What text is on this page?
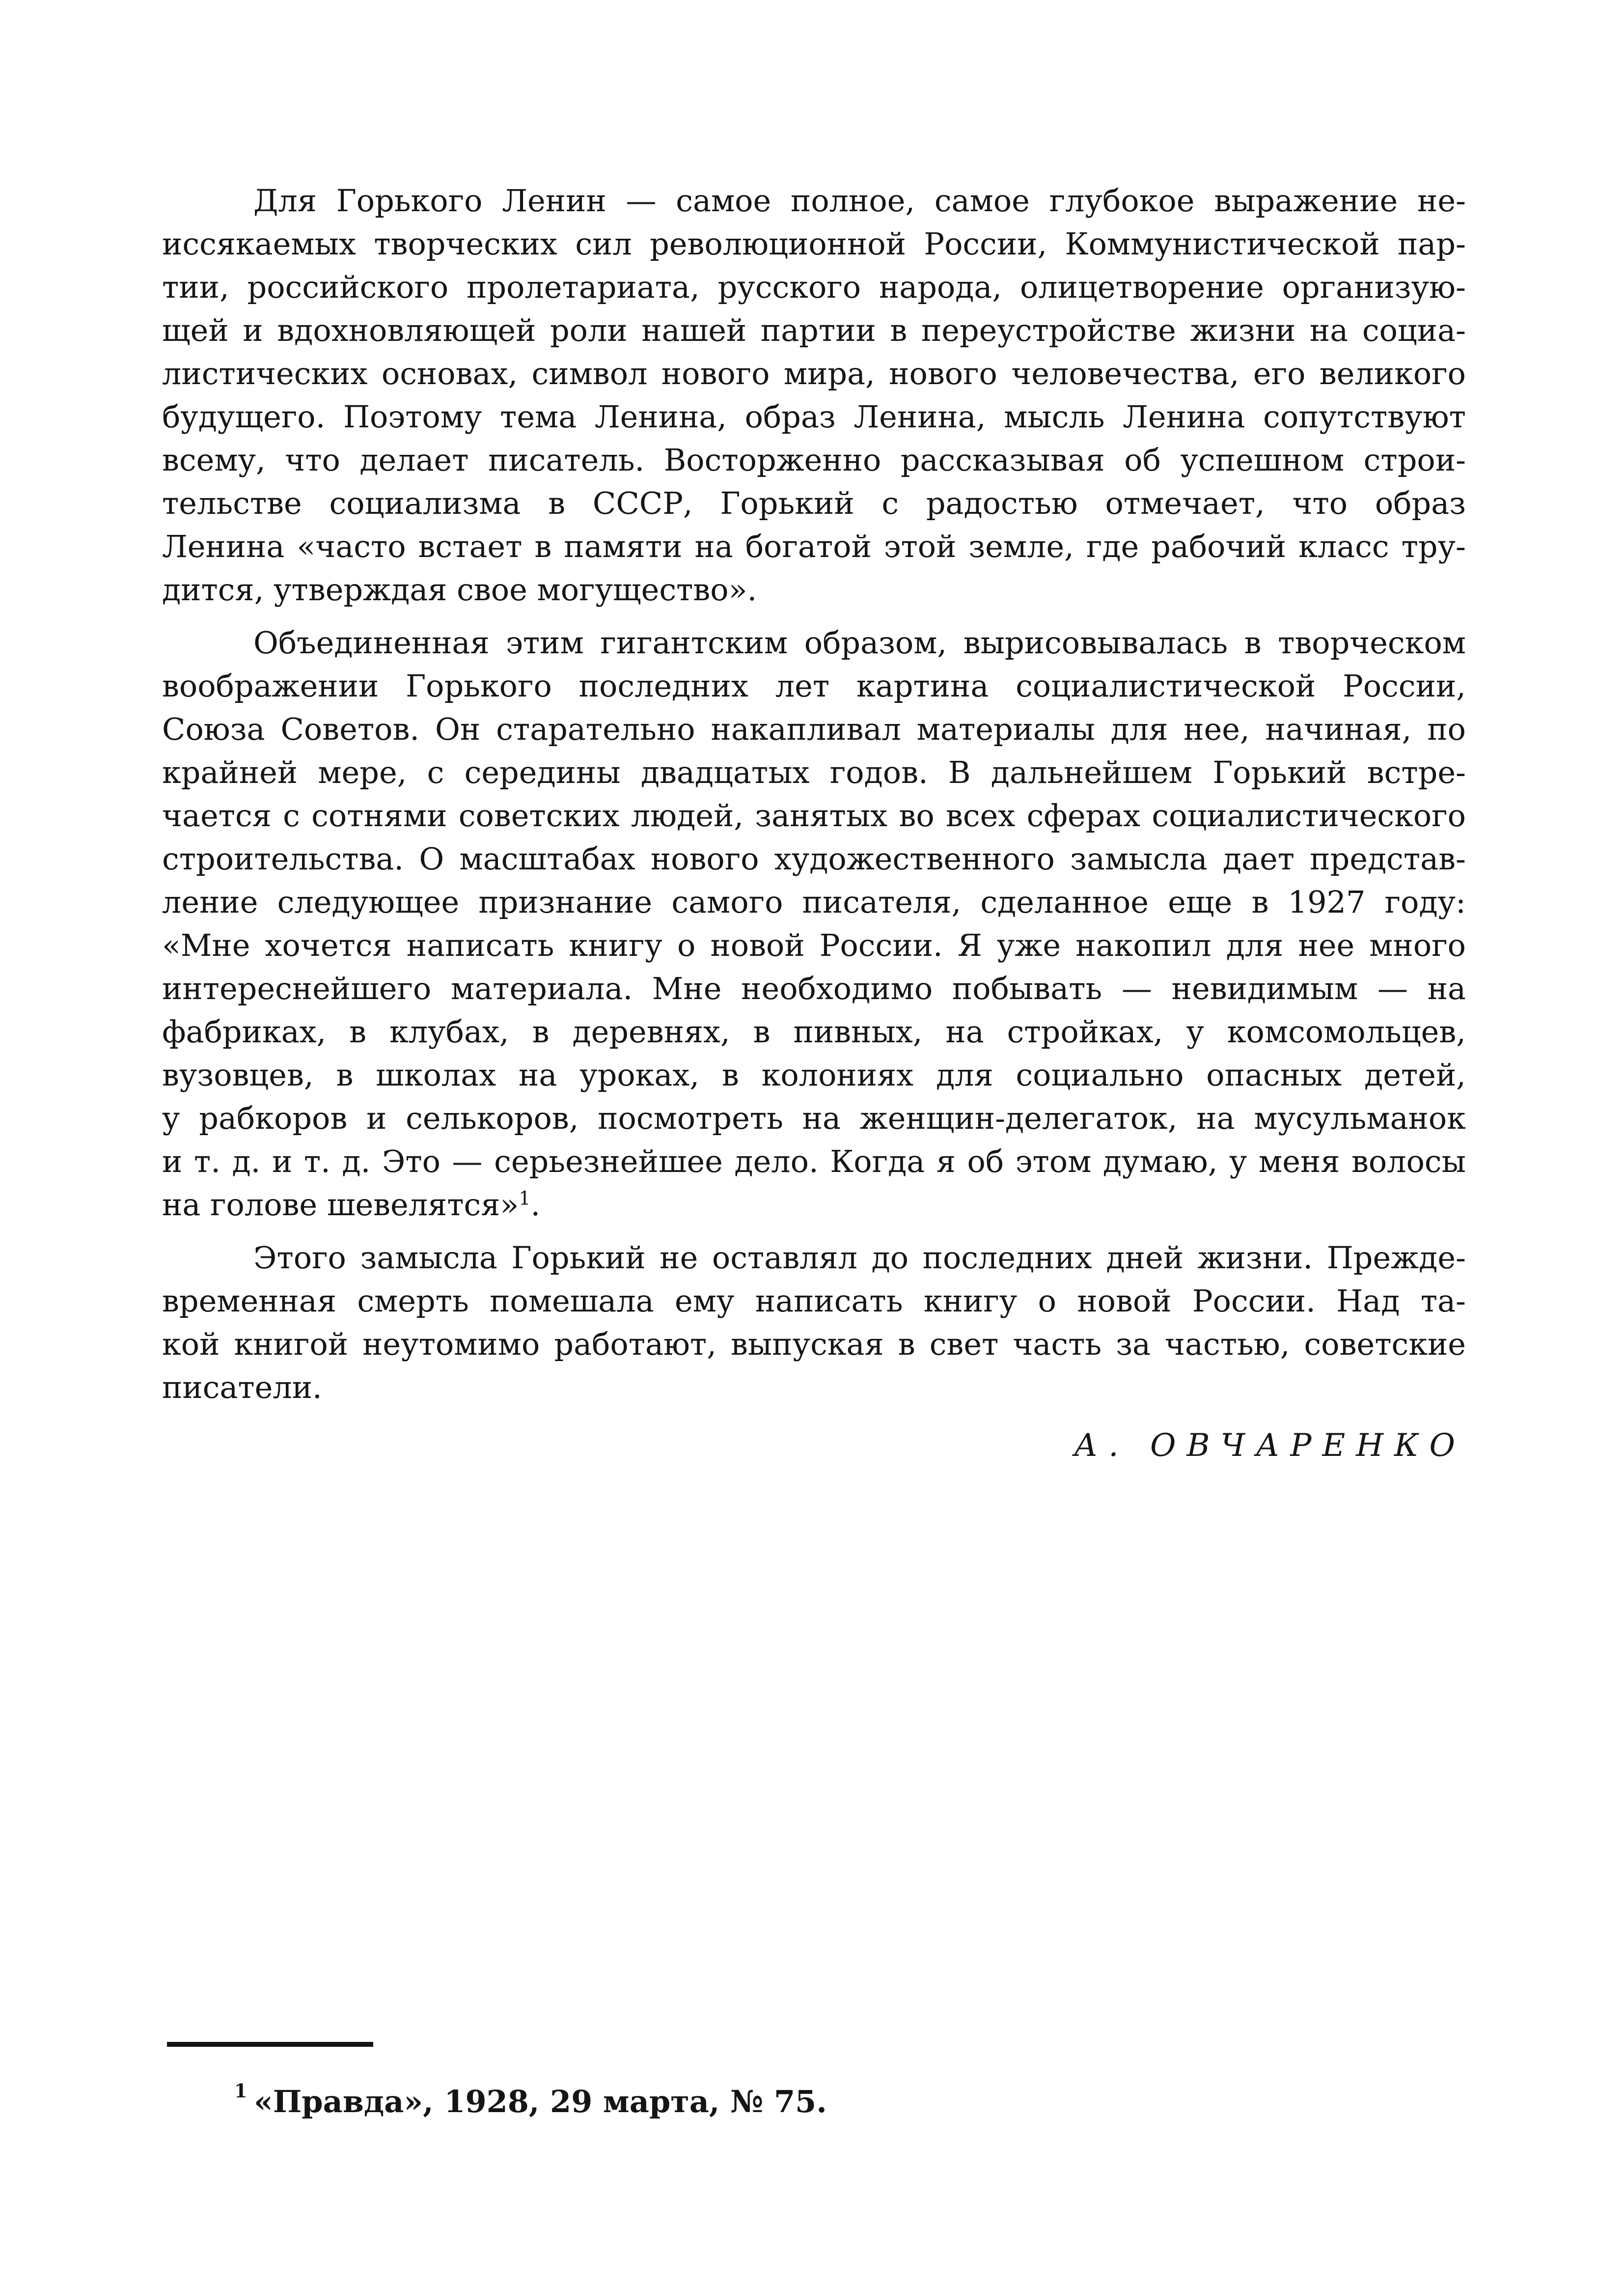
Для Горького Ленин — самое полное, самое глубокое выражение не-
иссякаемых творческих сил революционной России, Коммунистической пар-
тии, российского пролетариата, русского народа, олицетворение организую-
щей и вдохновляющей роли нашей партии в переустройстве жизни на социа-
листических основах, символ нового мира, нового человечества, его великого
будущего. Поэтому тема Ленина, образ Ленина, мысль Ленина сопутствуют
всему, что делает писатель. Восторженно рассказывая об успешном строи-
тельстве социализма в СССР, Горький с радостью отмечает, что образ
Ленина «часто встает в памяти на богатой этой земле, где рабочий класс тру-
дится, утверждая свое могущество».
Объединенная этим гигантским образом, вырисовывалась в творческом
воображении Горького последних лет картина социалистической России,
Союза Советов. Он старательно накапливал материалы для нее, начиная, по
крайней мере, с середины двадцатых годов. В дальнейшем Горький встре-
чается с сотнями советских людей, занятых во всех сферах социалистического
строительства. О масштабах нового художественного замысла дает представ-
ление следующее признание самого писателя, сделанное еще в 1927 году:
«Мне хочется написать книгу о новой России. Я уже накопил для нее много
интереснейшего материала. Мне необходимо побывать — невидимым — на
фабриках, в клубах, в деревнях, в пивных, на стройках, у комсомольцев,
вузовцев, в школах на уроках, в колониях для социально опасных детей,
у рабкоров и селькоров, посмотреть на женщин-делегаток, на мусульманок
и т. д. и т. д. Это — серьезнейшее дело. Когда я об этом думаю, у меня волосы
на голове шевелятся»$^1$.
Этого замысла Горький не оставлял до последних дней жизни. Прежде-
временная смерть помешала ему написать книгу о новой России. Над та-
кой книгой неутомимо работают, выпуская в свет часть за частью, советские
писатели.
А. ОВЧАРЕНКО
1 «Правда», 1928, 29 марта, № 75.
